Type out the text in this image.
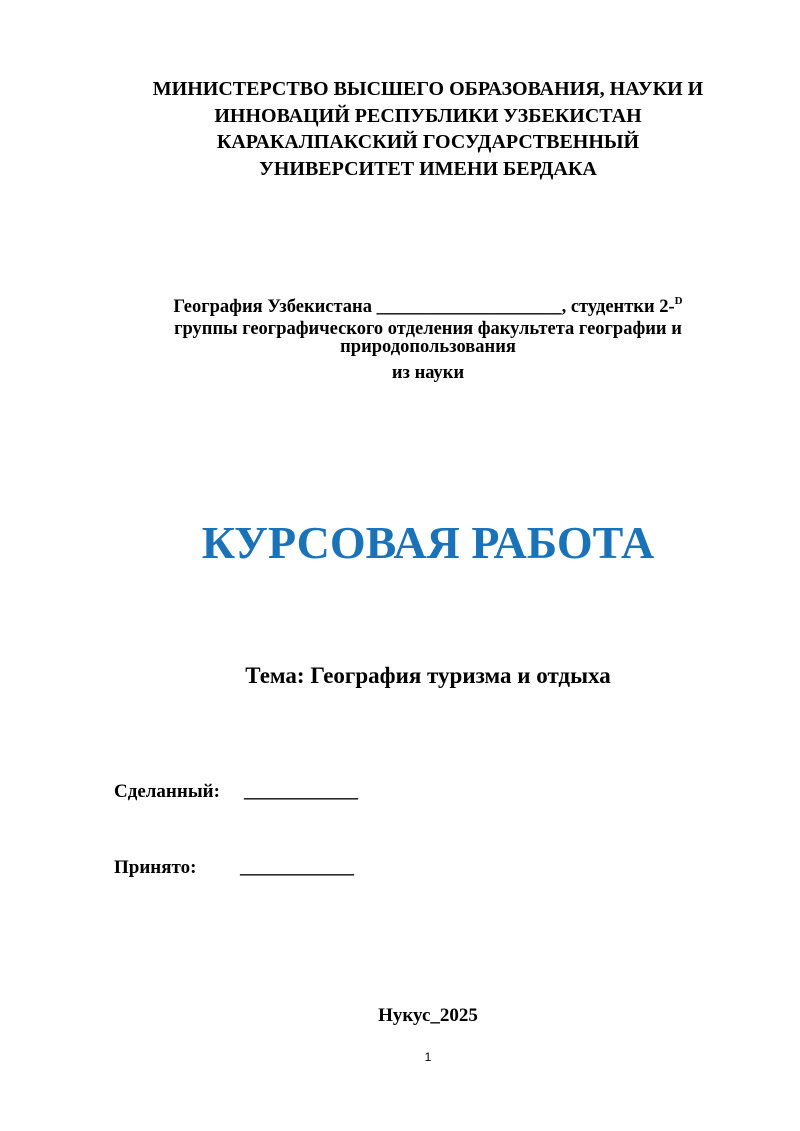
МИНИСТЕРСТВО ВЫСШЕГО ОБРАЗОВАНИЯ, НАУКИ И
ИННОВАЦИЙ РЕСПУБЛИКИ УЗБЕКИСТАН
КАРАКАЛПАКСКИЙ ГОСУДАРСТВЕННЫЙ
УНИВЕРСИТЕТ ИМЕНИ БЕРДАКА
География Узбекистана ____________________, студентки 2-$^D$
группы географического отделения факультета географии и
природопользования
из науки
КУРСОВАЯ РАБОТА
Тема: География туризма и отдыха
Сделанный: ____________
Принято: ____________
Нукус_2025
1
